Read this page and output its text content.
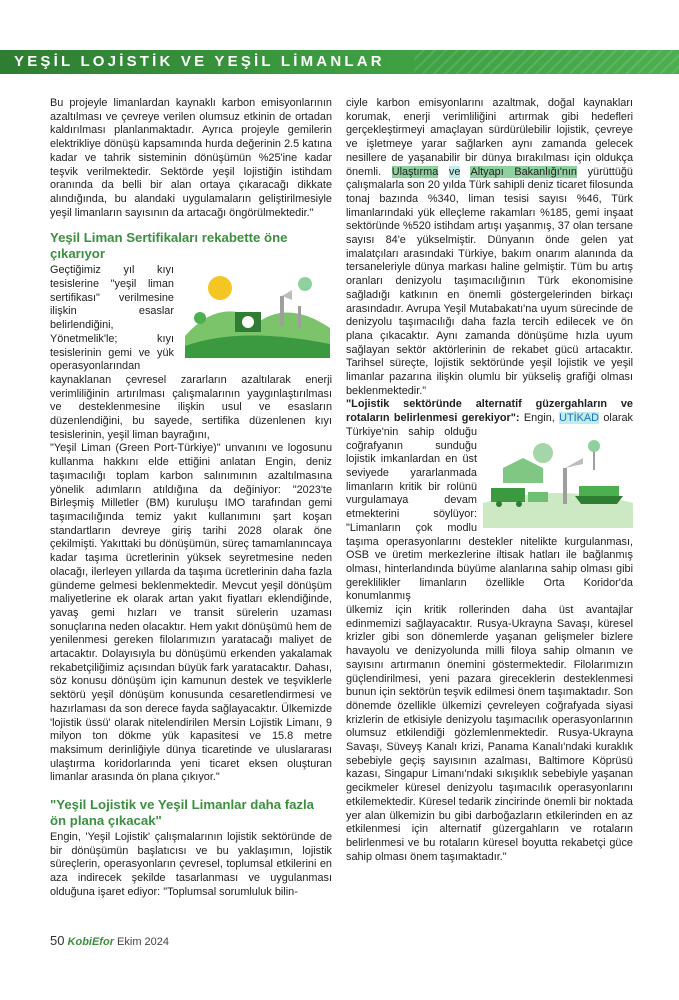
YEŞİL LOJİSTİK VE YEŞİL LİMANLAR

Bu projeyle limanlardan kaynaklı karbon emisyonlarının azaltılması ve çevreye verilen olumsuz etkinin de ortadan kaldırılması planlanmaktadır. Ayrıca projeyle gemilerin elektrikliye dönüşü kapsamında hurda değerinin 2.5 katına kadar ve tahrik sisteminin dönüşümün %25'ine kadar teşvik verilmektedir. Sektörde yeşil lojistiğin istihdam oranında da belli bir alan ortaya çıkaracağı dikkate alındığında, bu alandaki uygulamaların geliştirilmesiyle yeşil limanların sayısının da artacağı öngörülmektedir."

Yeşil Liman Sertifikaları rekabette öne çıkarıyor

Geçtiğimiz yıl kıyı tesislerine "yeşil liman sertifikası" verilmesine ilişkin esaslar belirlendiğini, Yönetmelik'le; kıyı tesislerinin gemi ve yük operasyonlarından kaynaklanan çevresel zararların azaltılarak enerji verimliliğinin artırılması çalışmalarının yaygınlaştırılması ve desteklenmesine ilişkin usul ve esasların düzenlendiğini, bu sayede, sertifika düzenlenen kıyı tesislerinin, yeşil liman bayrağını,

"Yeşil Liman (Green Port-Türkiye)" unvanını ve logosunu kullanma hakkını elde ettiğini anlatan Engin, deniz taşımacılığı toplam karbon salınımının azaltılmasına yönelik adımların atıldığına da değiniyor: "2023'te Birleşmiş Milletler (BM) kuruluşu IMO tarafından gemi taşımacılığında temiz yakıt kullanımını şart koşan standartların devreye giriş tarihi 2028 olarak öne çekilmişti. Yakıttaki bu dönüşümün, süreç tamamlanıncaya kadar taşıma ücretlerinin yüksek seyretmesine neden olacağı, ilerleyen yıllarda da taşıma ücretlerinin daha fazla gündeme gelmesi beklenmektedir. Mevcut yeşil dönüşüm maliyetlerine ek olarak artan yakıt fiyatları eklendiğinde, yavaş gemi hızları ve transit sürelerin uzaması sonuçlarına neden olacaktır. Hem yakıt dönüşümü hem de yenilenmesi gereken filolarımızın yaratacağı maliyet de artacaktır. Dolayısıyla bu dönüşümü erkenden yakalamak rekabetçiliğimiz açısından büyük fark yaratacaktır. Dahası, söz konusu dönüşüm için kamunun destek ve teşviklerle sektörü yeşil dönüşüm konusunda cesaretlendirmesi ve hazırlaması da son derece fayda sağlayacaktır. Ülkemizde 'lojistik üssü' olarak nitelendirilen Mersin Lojistik Limanı, 9 milyon ton dökme yük kapasitesi ve 15.8 metre maksimum derinliğiyle dünya ticaretinde ve uluslararası ulaştırma koridorlarında yeni ticaret eksen oluşturan limanlar arasında ön plana çıkıyor."

"Yeşil Lojistik ve Yeşil Limanlar daha fazla ön plana çıkacak"

Engin, 'Yeşil Lojistik' çalışmalarının lojistik sektöründe de bir dönüşümün başlatıcısı ve bu yaklaşımın, lojistik süreçlerin, operasyonların çevresel, toplumsal etkilerini en aza indirecek şekilde tasarlanması ve uygulanması olduğuna işaret ediyor: "Toplumsal sorumluluk bilin-

ciyle karbon emisyonlarını azaltmak, doğal kaynakları korumak, enerji verimliliğini artırmak gibi hedefleri gerçekleştirmeyi amaçlayan sürdürülebilir lojistik, çevreye ve işletmeye yarar sağlarken aynı zamanda gelecek nesillere de yaşanabilir bir dünya bırakılması için oldukça önemli. Ulaştırma ve Altyapı Bakanlığı'nın yürüttüğü çalışmalarla son 20 yılda Türk sahipli deniz ticaret filosunda tonaj bazında %340, liman tesisi sayısı %46, Türk limanlarındaki yük elleçleme rakamları %185, gemi inşaat sektöründe %520 istihdam artışı yaşanmış, 37 olan tersane sayısı 84'e yükselmiştir. Dünyanın önde gelen yat imalatçıları arasındaki Türkiye, bakım onarım alanında da tersaneleriyle dünya markası haline gelmiştir. Tüm bu artış oranları denizyolu taşımacılığının Türk ekonomisine sağladığı katkının en önemli göstergelerinden birkaçı arasındadır. Avrupa Yeşil Mutabakatı'na uyum sürecinde de denizyolu taşımacılığı daha fazla tercih edilecek ve ön plana çıkacaktır. Aynı zamanda dönüşüme hızla uyum sağlayan sektör aktörlerinin de rekabet gücü artacaktır. Tarihsel süreçte, lojistik sektöründe yeşil lojistik ve yeşil limanlar pazarına ilişkin olumlu bir yükseliş grafiği olması beklenmektedir."

"Lojistik sektöründe alternatif güzergahların ve rotaların belirlenmesi gerekiyor": Engin, UTİKAD olarak Türkiye'nin sahip olduğu coğrafyanın sunduğu lojistik imkanlardan en üst seviyede yararlanmada limanların kritik bir rolünü vurgulamaya devam etmekterini söylüyor: "Limanların çok modlu taşıma operasyonlarını destekler nitelikte kurgulanması, OSB ve üretim merkezlerine iltisak hatları ile bağlanmış olması, hinterlandında büyüme alanlarına sahip olması gibi gereklilikler limanların özellikle Orta Koridor'da konumlanmış

ülkemiz için kritik rollerinden daha üst avantajlar edinmemizi sağlayacaktır. Rusya-Ukrayna Savaşı, küresel krizler gibi son dönemlerde yaşanan gelişmeler bizlere havayolu ve denizyolunda milli filoya sahip olmanın ve sayısını artırmanın önemini göstermektedir. Filolarımızın güçlendirilmesi, yeni pazara gireceklerin desteklenmesi bunun için sektörün teşvik edilmesi önem taşımaktadır. Son dönemde özellikle ülkemizi çevreleyen coğrafyada siyasi krizlerin de etkisiyle denizyolu taşımacılık operasyonlarının olumsuz etkilendiği gözlemlenmektedir. Rusya-Ukrayna Savaşı, Süveyş Kanalı krizi, Panama Kanalı'ndaki kuraklık sebebiyle geçiş sayısının azalması, Baltimore Köprüsü kazası, Singapur Limanı'ndaki sıkışıklık sebebiyle yaşanan gecikmeler küresel denizyolu taşımacılık operasyonlarını etkilemektedir. Küresel tedarik zincirinde önemli bir noktada yer alan ülkemizin bu gibi darboğazların etkilerinden en az etkilenmesi için alternatif güzergahların ve rotaların belirlenmesi ve bu rotaların küresel boyutta rekabetçi güce sahip olması önem taşımaktadır."

50 KobiEfor Ekim 2024
